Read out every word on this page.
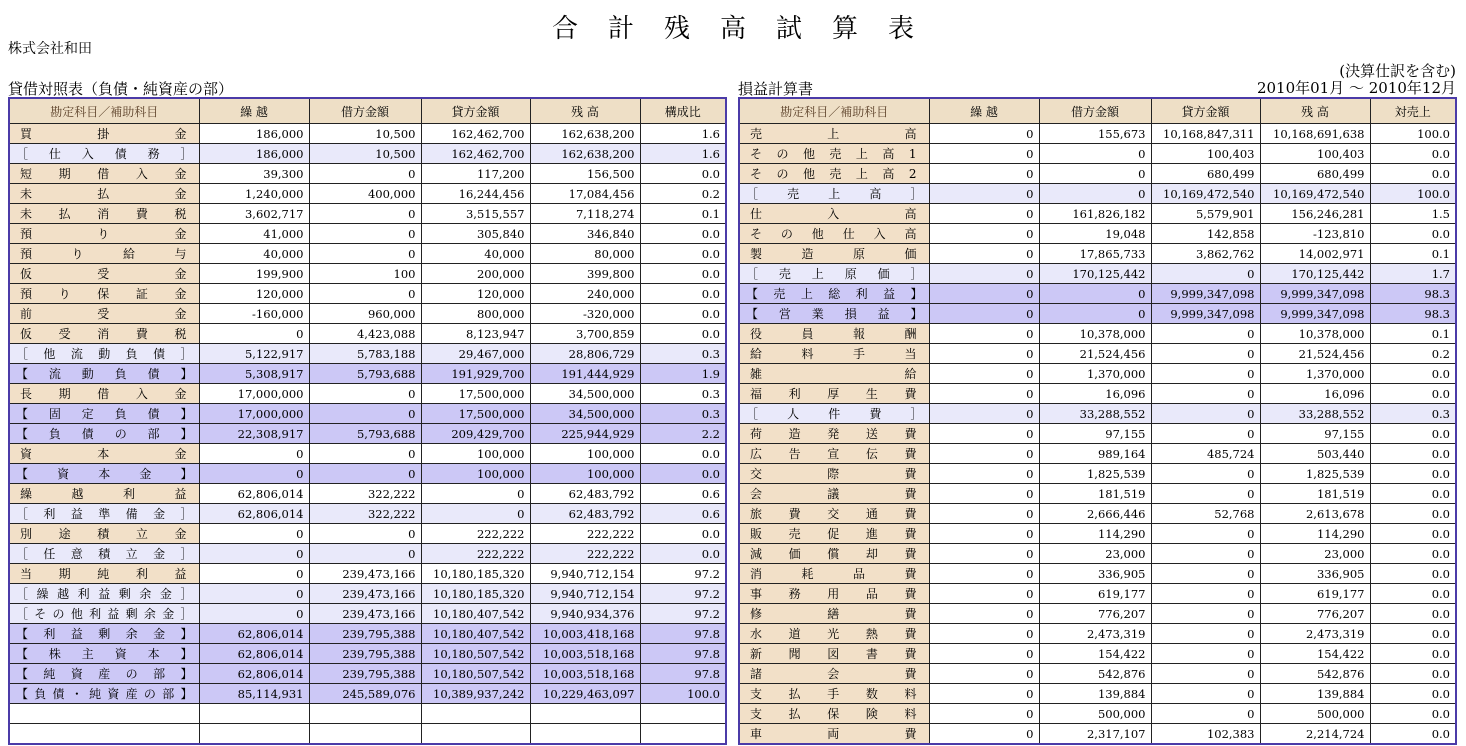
合計残高試算表
株式会社和田
(決算仕訳を含む)
貸借対照表（負債・純資産の部）	損益計算書	2010年01月 〜 2010年12月
勘定科目／補助科目	繰 越	借方金額	貸方金額	残 高	構成比
買掛金	186,000	10,500	162,462,700	162,638,200	1.6
［仕入債務］	186,000	10,500	162,462,700	162,638,200	1.6
短期借入金	39,300	0	117,200	156,500	0.0
未払金	1,240,000	400,000	16,244,456	17,084,456	0.2
未払消費税	3,602,717	0	3,515,557	7,118,274	0.1
預り金	41,000	0	305,840	346,840	0.0
預り給与	40,000	0	40,000	80,000	0.0
仮受金	199,900	100	200,000	399,800	0.0
預り保証金	120,000	0	120,000	240,000	0.0
前受金	-160,000	960,000	800,000	-320,000	0.0
仮受消費税	0	4,423,088	8,123,947	3,700,859	0.0
［他流動負債］	5,122,917	5,783,188	29,467,000	28,806,729	0.3
【流動負債】	5,308,917	5,793,688	191,929,700	191,444,929	1.9
長期借入金	17,000,000	0	17,500,000	34,500,000	0.3
【固定負債】	17,000,000	0	17,500,000	34,500,000	0.3
【負債の部】	22,308,917	5,793,688	209,429,700	225,944,929	2.2
資本金	0	0	100,000	100,000	0.0
【資本金】	0	0	100,000	100,000	0.0
繰越利益	62,806,014	322,222	0	62,483,792	0.6
［利益準備金］	62,806,014	322,222	0	62,483,792	0.6
別途積立金	0	0	222,222	222,222	0.0
［任意積立金］	0	0	222,222	222,222	0.0
当期純利益	0	239,473,166	10,180,185,320	9,940,712,154	97.2
［繰越利益剰余金］	0	239,473,166	10,180,185,320	9,940,712,154	97.2
［その他利益剰余金］	0	239,473,166	10,180,407,542	9,940,934,376	97.2
【利益剰余金】	62,806,014	239,795,388	10,180,407,542	10,003,418,168	97.8
【株主資本】	62,806,014	239,795,388	10,180,507,542	10,003,518,168	97.8
【純資産の部】	62,806,014	239,795,388	10,180,507,542	10,003,518,168	97.8
【負債・純資産の部】	85,114,931	245,589,076	10,389,937,242	10,229,463,097	100.0

勘定科目／補助科目	繰 越	借方金額	貸方金額	残 高	対売上
売上高	0	155,673	10,168,847,311	10,168,691,638	100.0
その他売上高1	0	0	100,403	100,403	0.0
その他売上高2	0	0	680,499	680,499	0.0
［売上高］	0	0	10,169,472,540	10,169,472,540	100.0
仕入高	0	161,826,182	5,579,901	156,246,281	1.5
その他仕入高	0	19,048	142,858	-123,810	0.0
製造原価	0	17,865,733	3,862,762	14,002,971	0.1
［売上原価］	0	170,125,442	0	170,125,442	1.7
【売上総利益】	0	0	9,999,347,098	9,999,347,098	98.3
【営業損益】	0	0	9,999,347,098	9,999,347,098	98.3
役員報酬	0	10,378,000	0	10,378,000	0.1
給料手当	0	21,524,456	0	21,524,456	0.2
雑給	0	1,370,000	0	1,370,000	0.0
福利厚生費	0	16,096	0	16,096	0.0
［人件費］	0	33,288,552	0	33,288,552	0.3
荷造発送費	0	97,155	0	97,155	0.0
広告宣伝費	0	989,164	485,724	503,440	0.0
交際費	0	1,825,539	0	1,825,539	0.0
会議費	0	181,519	0	181,519	0.0
旅費交通費	0	2,666,446	52,768	2,613,678	0.0
販売促進費	0	114,290	0	114,290	0.0
減価償却費	0	23,000	0	23,000	0.0
消耗品費	0	336,905	0	336,905	0.0
事務用品費	0	619,177	0	619,177	0.0
修繕費	0	776,207	0	776,207	0.0
水道光熱費	0	2,473,319	0	2,473,319	0.0
新聞図書費	0	154,422	0	154,422	0.0
諸会費	0	542,876	0	542,876	0.0
支払手数料	0	139,884	0	139,884	0.0
支払保険料	0	500,000	0	500,000	0.0
車両費	0	2,317,107	102,383	2,214,724	0.0
